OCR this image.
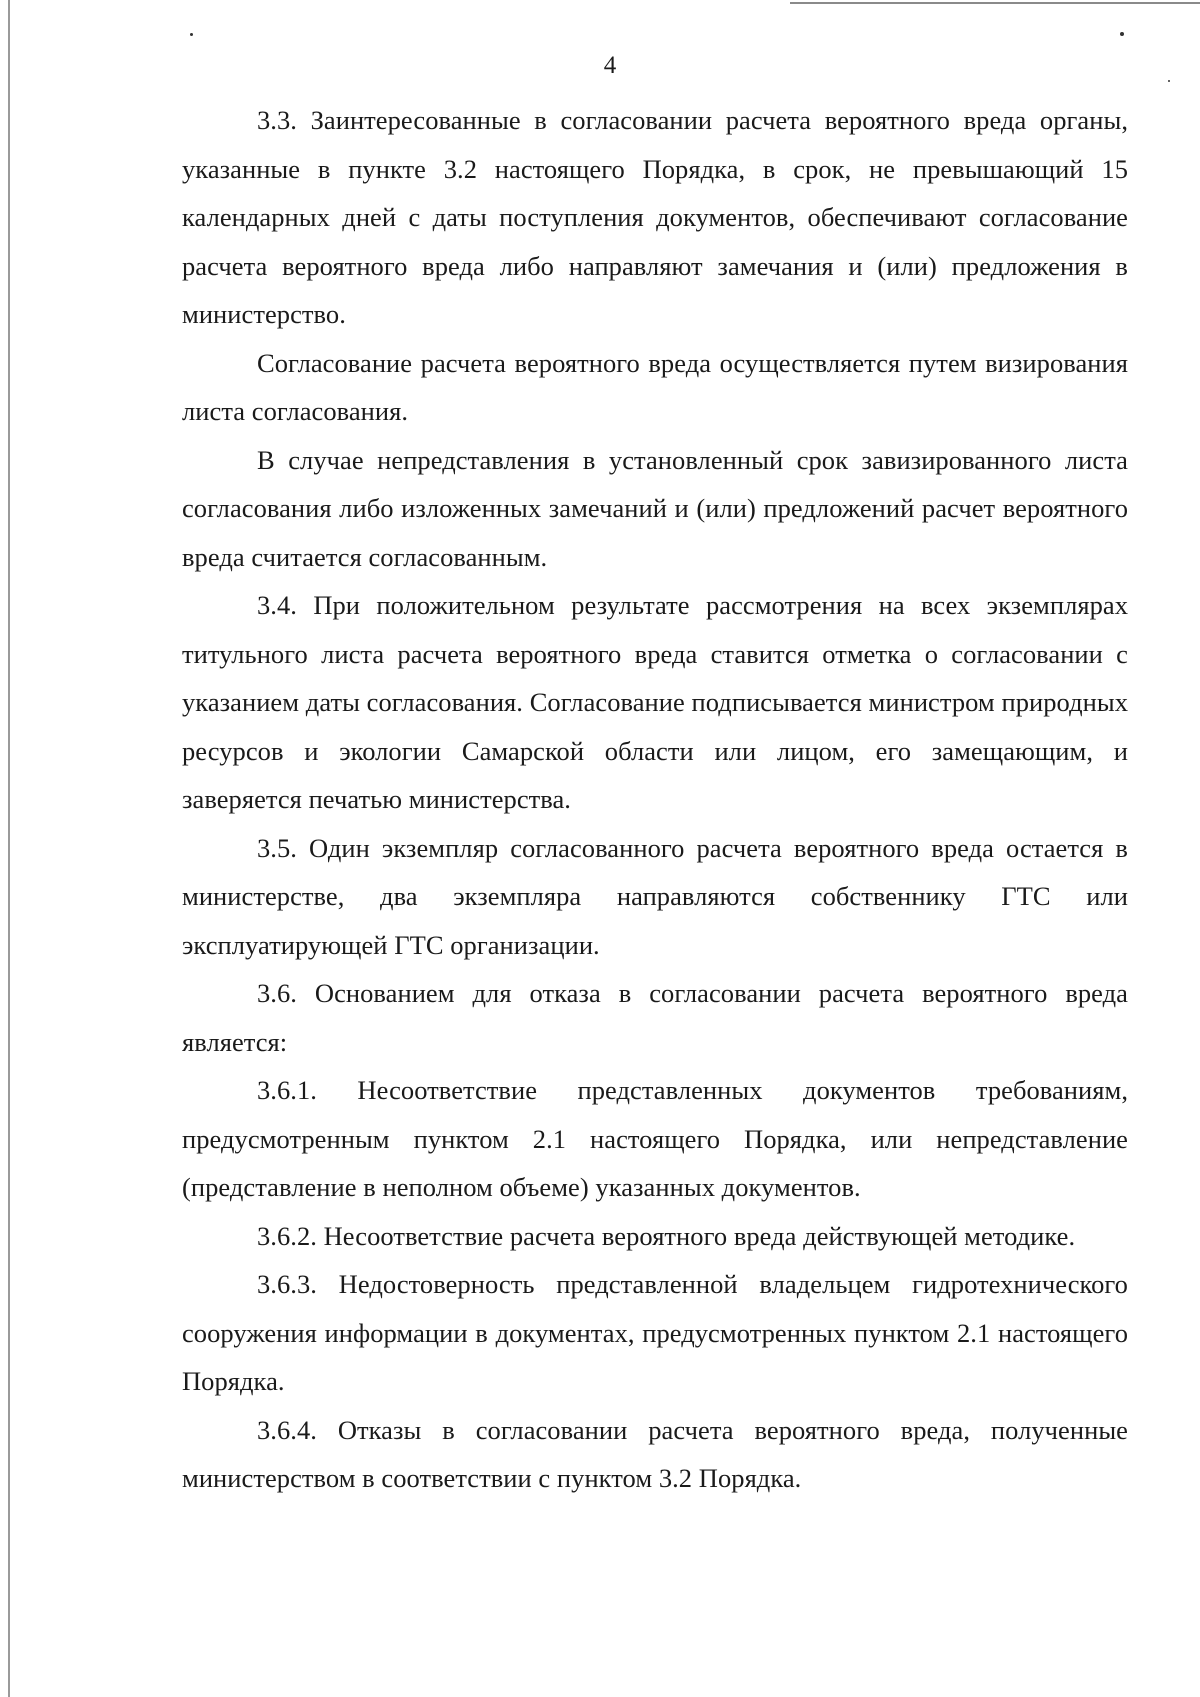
4

3.3. Заинтересованные в согласовании расчета вероятного вреда органы, указанные в пункте 3.2 настоящего Порядка, в срок, не превышающий 15 календарных дней с даты поступления документов, обеспечивают согласование расчета вероятного вреда либо направляют замечания и (или) предложения в министерство.

Согласование расчета вероятного вреда осуществляется путем визирования листа согласования.

В случае непредставления в установленный срок завизированного листа согласования либо изложенных замечаний и (или) предложений расчет вероятного вреда считается согласованным.

3.4. При положительном результате рассмотрения на всех экземплярах титульного листа расчета вероятного вреда ставится отметка о согласовании с указанием даты согласования. Согласование подписывается министром природных ресурсов и экологии Самарской области или лицом, его замещающим, и заверяется печатью министерства.

3.5. Один экземпляр согласованного расчета вероятного вреда остается в министерстве, два экземпляра направляются собственнику ГТС или эксплуатирующей ГТС организации.

3.6. Основанием для отказа в согласовании расчета вероятного вреда является:

3.6.1. Несоответствие представленных документов требованиям, предусмотренным пунктом 2.1 настоящего Порядка, или непредставление (представление в неполном объеме) указанных документов.

3.6.2. Несоответствие расчета вероятного вреда действующей методике.

3.6.3. Недостоверность представленной владельцем гидротехнического сооружения информации в документах, предусмотренных пунктом 2.1 настоящего Порядка.

3.6.4. Отказы в согласовании расчета вероятного вреда, полученные министерством в соответствии с пунктом 3.2 Порядка.
